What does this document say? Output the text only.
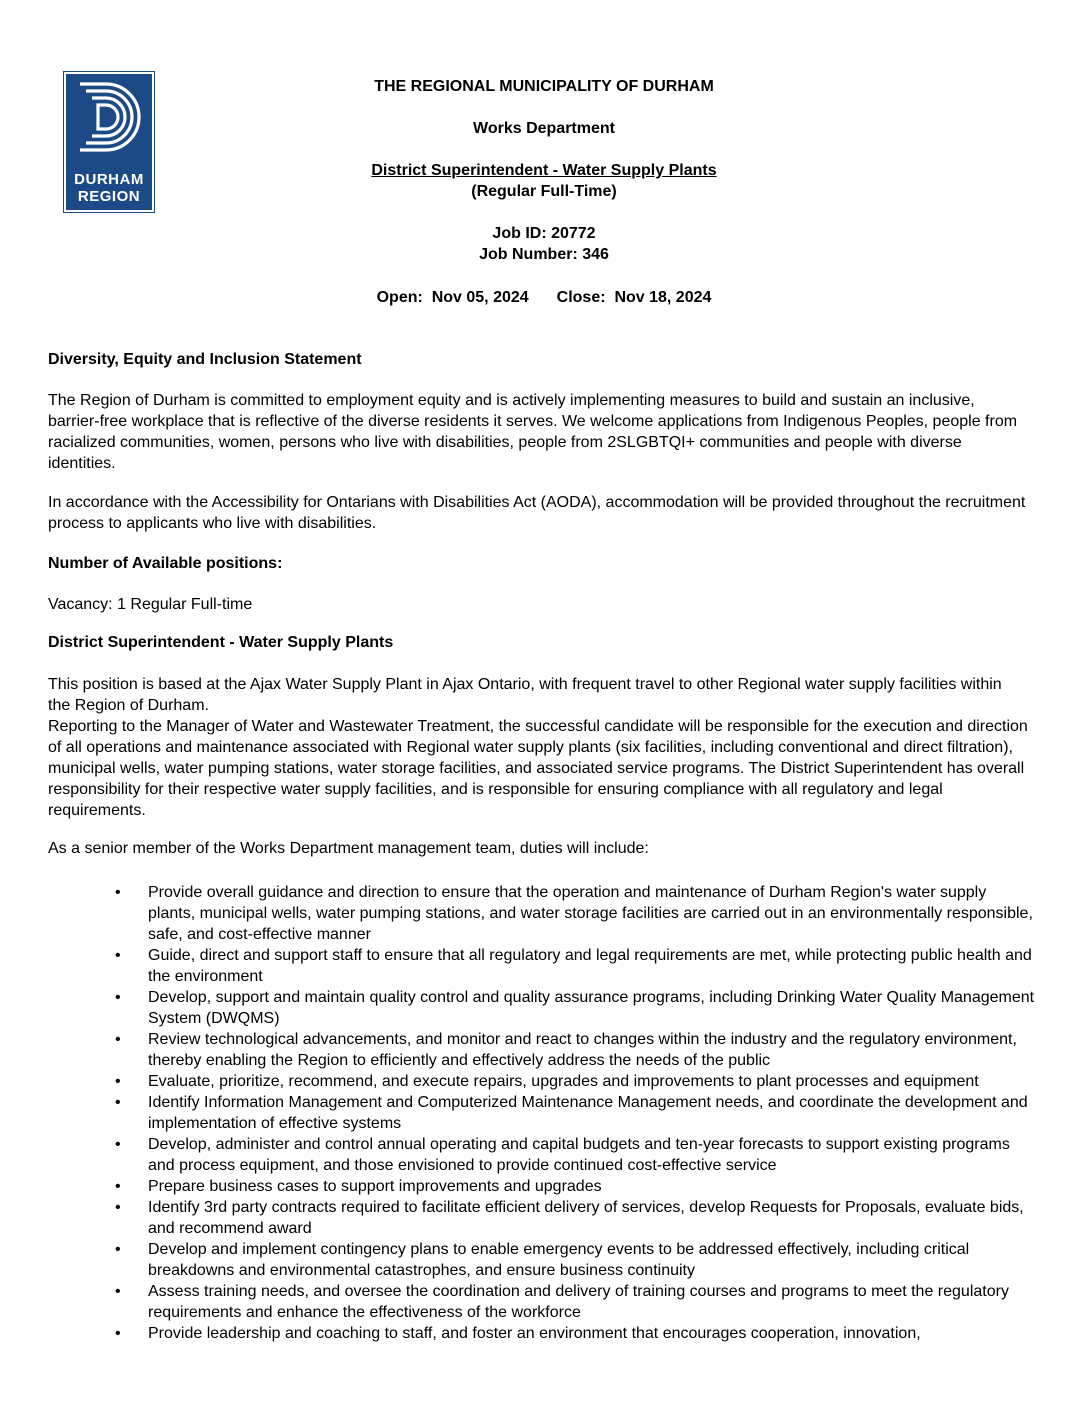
DURHAM
REGION
THE REGIONAL MUNICIPALITY OF DURHAM
Works Department
District Superintendent - Water Supply Plants
(Regular Full-Time)
Job ID: 20772
Job Number: 346
Open:  Nov 05, 2024 Close:  Nov 18, 2024
Diversity, Equity and Inclusion Statement

The Region of Durham is committed to employment equity and is actively implementing measures to build and sustain an inclusive, barrier-free workplace that is reflective of the diverse residents it serves. We welcome applications from Indigenous Peoples, people from racialized communities, women, persons who live with disabilities, people from 2SLGBTQI+ communities and people with diverse identities.

In accordance with the Accessibility for Ontarians with Disabilities Act (AODA), accommodation will be provided throughout the recruitment process to applicants who live with disabilities.

Number of Available positions:
Vacancy: 1 Regular Full-time
District Superintendent - Water Supply Plants

This position is based at the Ajax Water Supply Plant in Ajax Ontario, with frequent travel to other Regional water supply facilities within the Region of Durham.

Reporting to the Manager of Water and Wastewater Treatment, the successful candidate will be responsible for the execution and direction of all operations and maintenance associated with Regional water supply plants (six facilities, including conventional and direct filtration), municipal wells, water pumping stations, water storage facilities, and associated service programs. The District Superintendent has overall responsibility for their respective water supply facilities, and is responsible for ensuring compliance with all regulatory and legal requirements.

As a senior member of the Works Department management team, duties will include:
• Provide overall guidance and direction to ensure that the operation and maintenance of Durham Region's water supply plants, municipal wells, water pumping stations, and water storage facilities are carried out in an environmentally responsible, safe, and cost-effective manner
• Guide, direct and support staff to ensure that all regulatory and legal requirements are met, while protecting public health and the environment
• Develop, support and maintain quality control and quality assurance programs, including Drinking Water Quality Management System (DWQMS)
• Review technological advancements, and monitor and react to changes within the industry and the regulatory environment, thereby enabling the Region to efficiently and effectively address the needs of the public
• Evaluate, prioritize, recommend, and execute repairs, upgrades and improvements to plant processes and equipment
• Identify Information Management and Computerized Maintenance Management needs, and coordinate the development and implementation of effective systems
• Develop, administer and control annual operating and capital budgets and ten-year forecasts to support existing programs and process equipment, and those envisioned to provide continued cost-effective service
• Prepare business cases to support improvements and upgrades
• Identify 3rd party contracts required to facilitate efficient delivery of services, develop Requests for Proposals, evaluate bids, and recommend award
• Develop and implement contingency plans to enable emergency events to be addressed effectively, including critical breakdowns and environmental catastrophes, and ensure business continuity
• Assess training needs, and oversee the coordination and delivery of training courses and programs to meet the regulatory requirements and enhance the effectiveness of the workforce
• Provide leadership and coaching to staff, and foster an environment that encourages cooperation, innovation,
